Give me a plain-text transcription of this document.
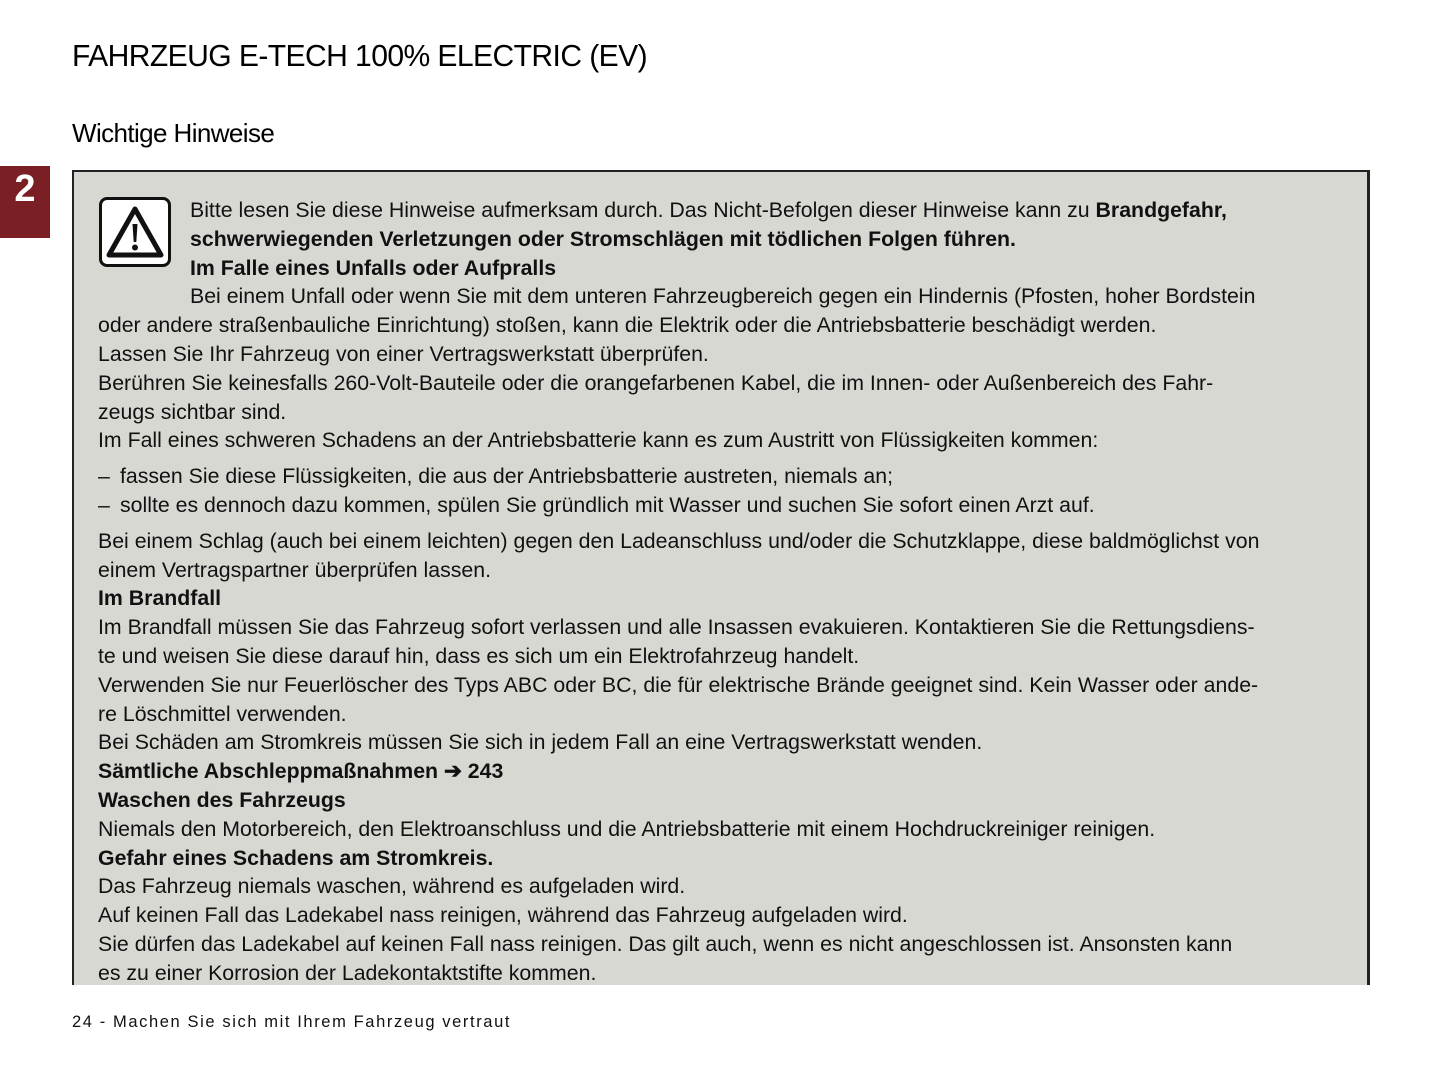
FAHRZEUG E-TECH 100% ELECTRIC (EV)
Wichtige Hinweise
2	Bitte lesen Sie diese Hinweise aufmerksam durch. Das Nicht-Befolgen dieser Hinweise kann zu Brandgefahr,
schwerwiegenden Verletzungen oder Stromschlägen mit tödlichen Folgen führen.
Im Falle eines Unfalls oder Aufpralls
Bei einem Unfall oder wenn Sie mit dem unteren Fahrzeugbereich gegen ein Hindernis (Pfosten, hoher Bordstein
oder andere straßenbauliche Einrichtung) stoßen, kann die Elektrik oder die Antriebsbatterie beschädigt werden.
Lassen Sie Ihr Fahrzeug von einer Vertragswerkstatt überprüfen.
Berühren Sie keinesfalls 260-Volt-Bauteile oder die orangefarbenen Kabel, die im Innen- oder Außenbereich des Fahr-
zeugs sichtbar sind.
Im Fall eines schweren Schadens an der Antriebsbatterie kann es zum Austritt von Flüssigkeiten kommen:
– fassen Sie diese Flüssigkeiten, die aus der Antriebsbatterie austreten, niemals an;
– sollte es dennoch dazu kommen, spülen Sie gründlich mit Wasser und suchen Sie sofort einen Arzt auf.
Bei einem Schlag (auch bei einem leichten) gegen den Ladeanschluss und/oder die Schutzklappe, diese baldmöglichst von
einem Vertragspartner überprüfen lassen.
Im Brandfall
Im Brandfall müssen Sie das Fahrzeug sofort verlassen und alle Insassen evakuieren. Kontaktieren Sie die Rettungsdiens-
te und weisen Sie diese darauf hin, dass es sich um ein Elektrofahrzeug handelt.
Verwenden Sie nur Feuerlöscher des Typs ABC oder BC, die für elektrische Brände geeignet sind. Kein Wasser oder ande-
re Löschmittel verwenden.
Bei Schäden am Stromkreis müssen Sie sich in jedem Fall an eine Vertragswerkstatt wenden.
Sämtliche Abschleppmaßnahmen ➔ 243
Waschen des Fahrzeugs
Niemals den Motorbereich, den Elektroanschluss und die Antriebsbatterie mit einem Hochdruckreiniger reinigen.
Gefahr eines Schadens am Stromkreis.
Das Fahrzeug niemals waschen, während es aufgeladen wird.
Auf keinen Fall das Ladekabel nass reinigen, während das Fahrzeug aufgeladen wird.
Sie dürfen das Ladekabel auf keinen Fall nass reinigen. Das gilt auch, wenn es nicht angeschlossen ist. Ansonsten kann
es zu einer Korrosion der Ladekontaktstifte kommen.
24 - Machen Sie sich mit Ihrem Fahrzeug vertraut
